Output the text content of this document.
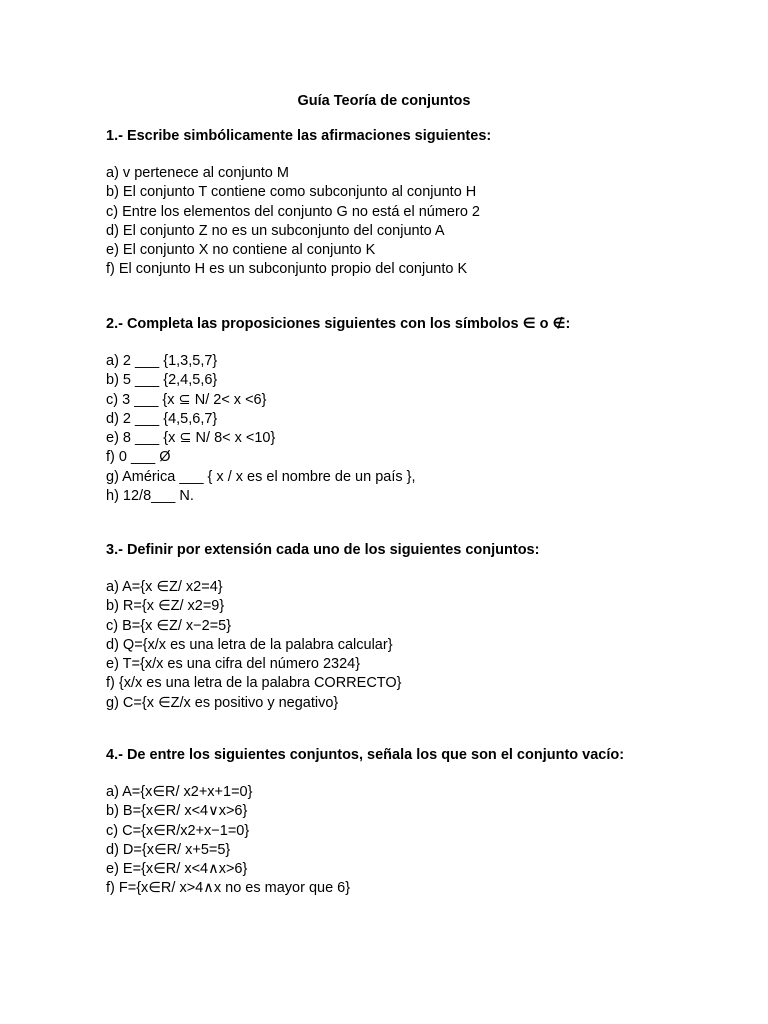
Guía Teoría de conjuntos

1.- Escribe simbólicamente las afirmaciones siguientes:

a) v pertenece al conjunto M
b) El conjunto T contiene como subconjunto al conjunto H
c) Entre los elementos del conjunto G no está el número 2
d) El conjunto Z no es un subconjunto del conjunto A
e) El conjunto X no contiene al conjunto K
f) El conjunto H es un subconjunto propio del conjunto K

2.- Completa las proposiciones siguientes con los símbolos ∈ o ∉:

a) 2 ___ {1,3,5,7}
b) 5 ___ {2,4,5,6}
c) 3 ___ {x ⊆ N/ 2< x <6}
d) 2 ___ {4,5,6,7}
e) 8 ___ {x ⊆ N/ 8< x <10}
f) 0 ___ Ø
g) América ___ { x / x es el nombre de un país },
h) 12/8___ N.

3.- Definir por extensión cada uno de los siguientes conjuntos:

a) A={x ∈Z/ x2=4}
b) R={x ∈Z/ x2=9}
c) B={x ∈Z/ x−2=5}
d) Q={x/x es una letra de la palabra calcular}
e) T={x/x es una cifra del número 2324}
f) {x/x es una letra de la palabra CORRECTO}
g) C={x ∈Z/x es positivo y negativo}

4.- De entre los siguientes conjuntos, señala los que son el conjunto vacío:

a) A={x∈R/ x2+x+1=0}
b) B={x∈R/ x<4∨x>6}
c) C={x∈R/x2+x−1=0}
d) D={x∈R/ x+5=5}
e) E={x∈R/ x<4∧x>6}
f) F={x∈R/ x>4∧x no es mayor que 6}
